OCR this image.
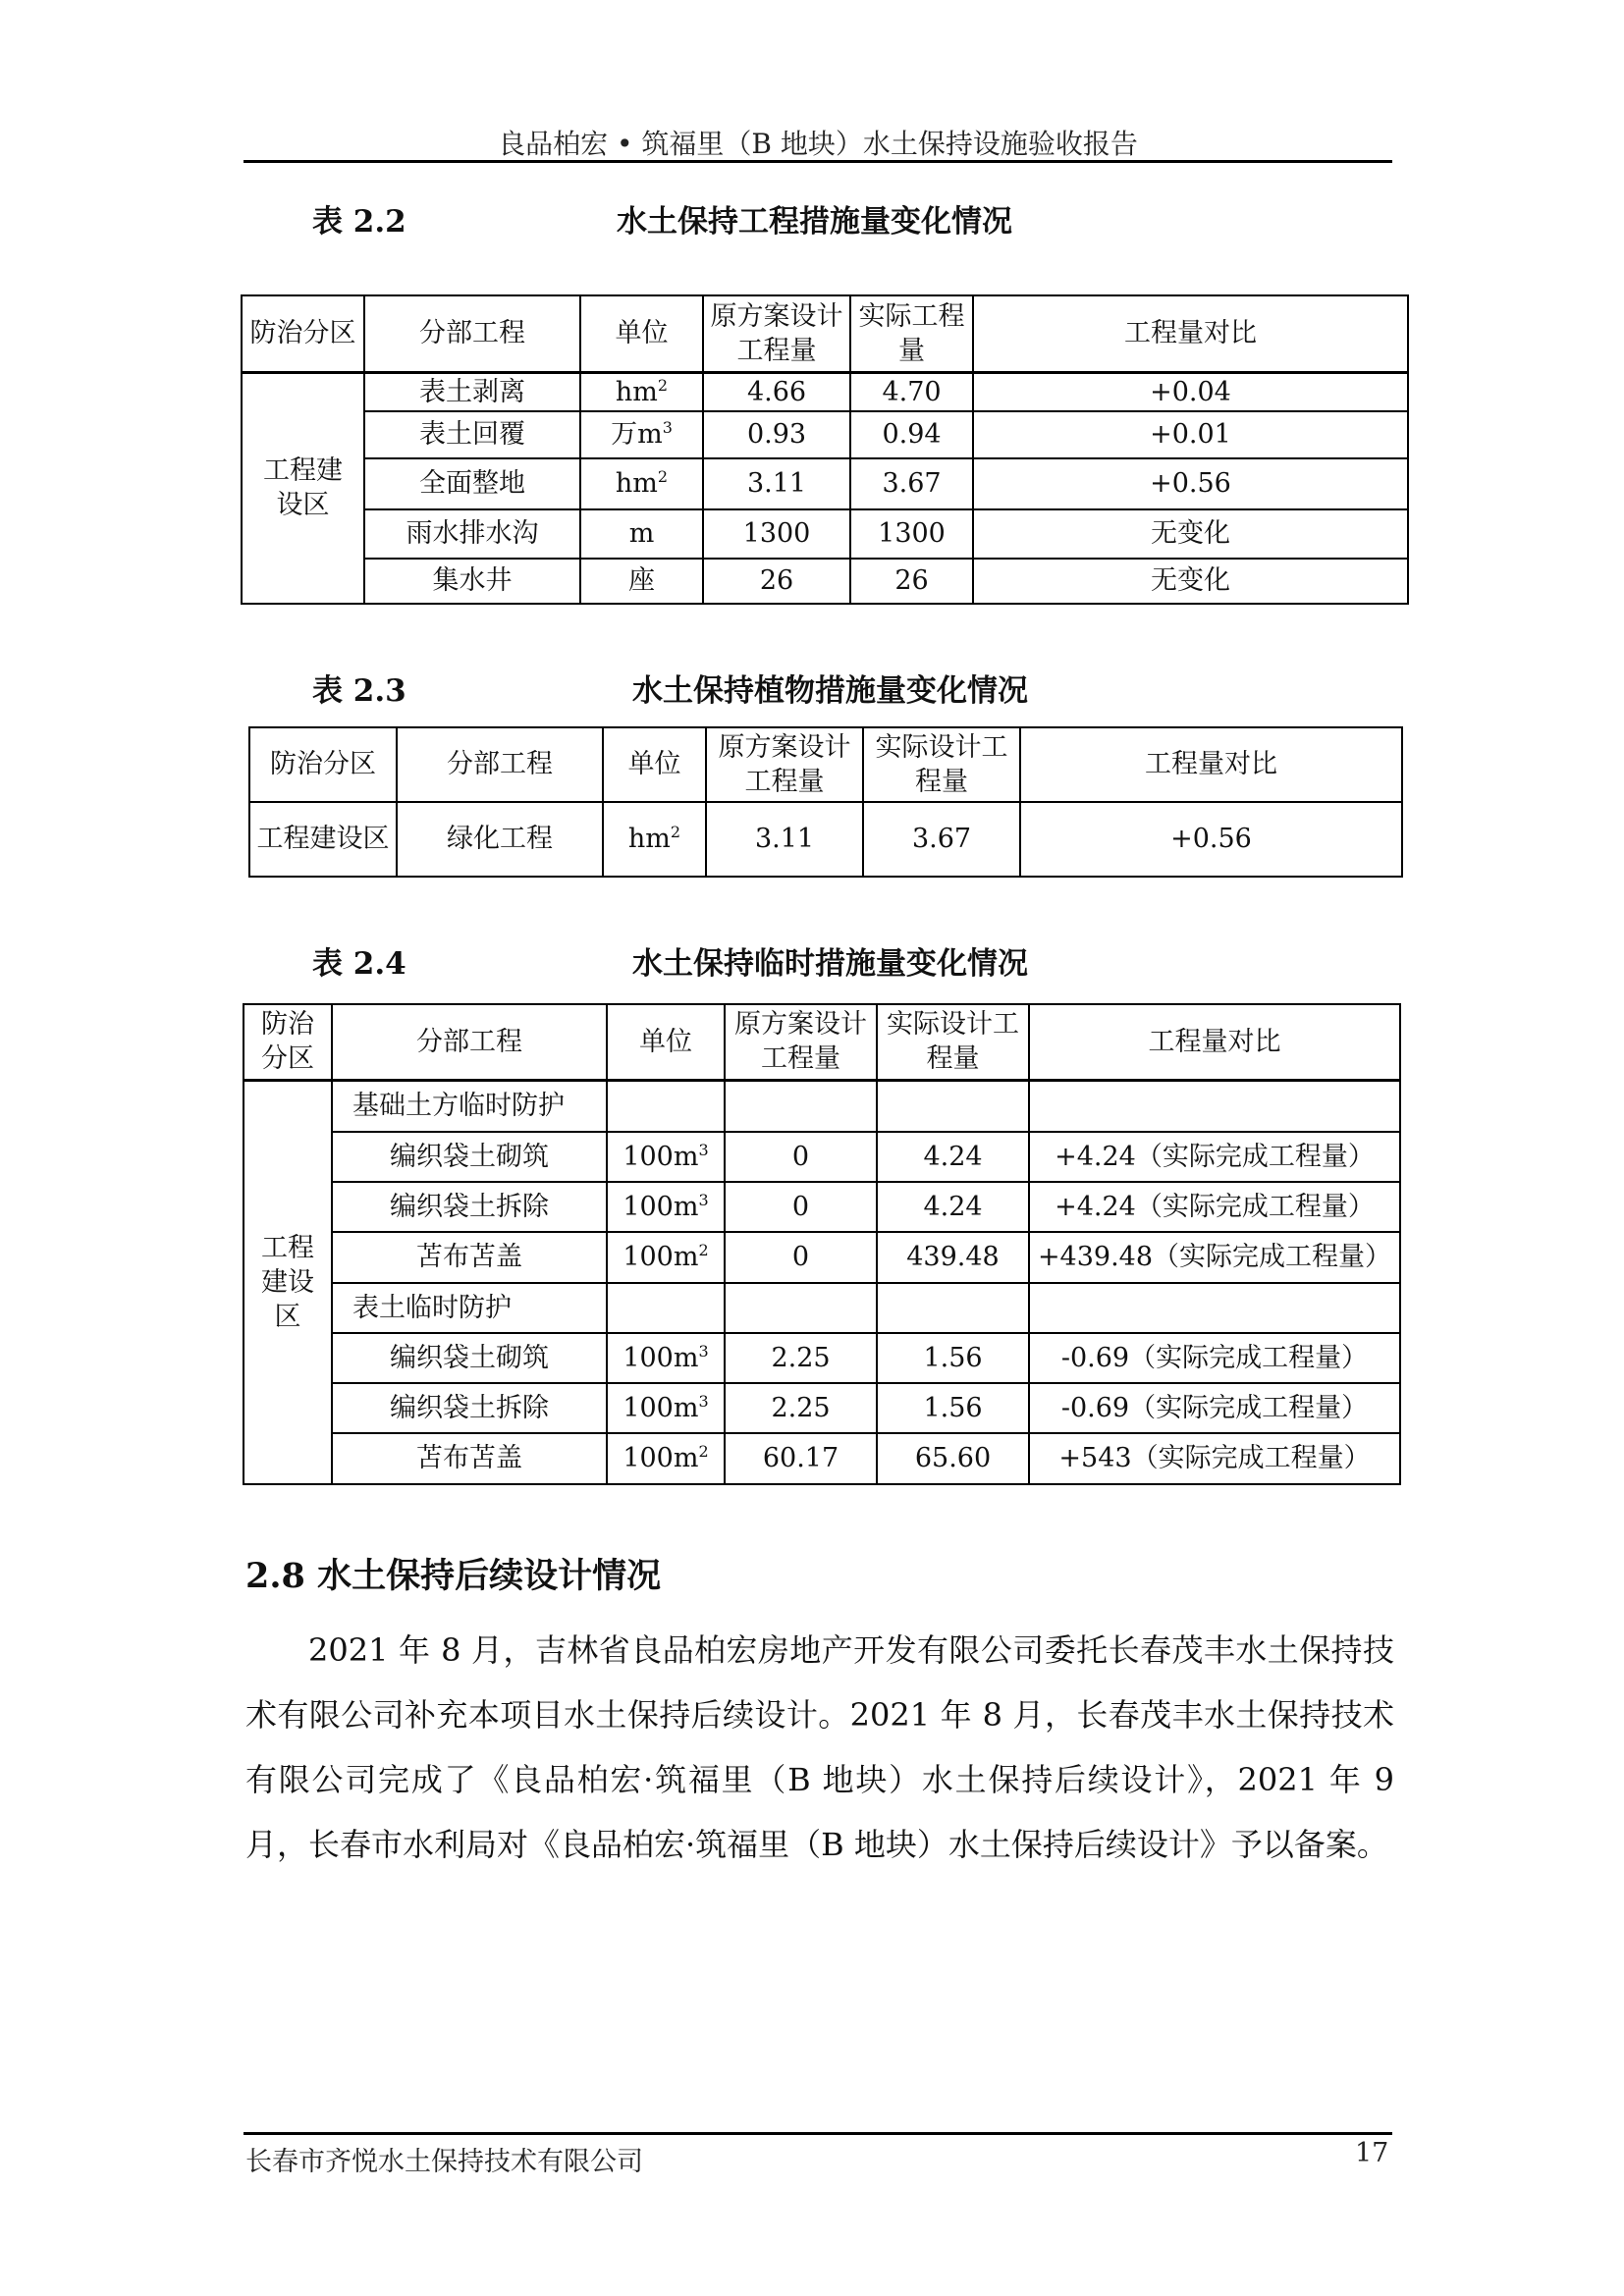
良品柏宏 • 筑福里（B 地块）水土保持设施验收报告
表 2.2	水土保持工程措施量变化情况
防治分区	分部工程	单位	原方案设计工程量	实际工程量	工程量对比
工程建设区	表土剥离	$hm^2$	4.66	4.70	+0.04
	表土回覆	万$m^3$	0.93	0.94	+0.01
	全面整地	$hm^2$	3.11	3.67	+0.56
	雨水排水沟	m	1300	1300	无变化
	集水井	座	26	26	无变化
表 2.3	水土保持植物措施量变化情况
防治分区	分部工程	单位	原方案设计工程量	实际设计工程量	工程量对比
工程建设区	绿化工程	$hm^2$	3.11	3.67	+0.56
表 2.4	水土保持临时措施量变化情况
防治分区	分部工程	单位	原方案设计工程量	实际设计工程量	工程量对比
工程建设区	基础土方临时防护				
	编织袋土砌筑	$100m^3$	0	4.24	+4.24（实际完成工程量）
	编织袋土拆除	$100m^3$	0	4.24	+4.24（实际完成工程量）
	苫布苫盖	$100m^2$	0	439.48	+439.48（实际完成工程量）
	表土临时防护				
	编织袋土砌筑	$100m^3$	2.25	1.56	-0.69（实际完成工程量）
	编织袋土拆除	$100m^3$	2.25	1.56	-0.69（实际完成工程量）
	苫布苫盖	$100m^2$	60.17	65.60	+543（实际完成工程量）
2.8 水土保持后续设计情况
2021 年 8 月，吉林省良品柏宏房地产开发有限公司委托长春茂丰水土保持技术有限公司补充本项目水土保持后续设计。2021 年 8 月，长春茂丰水土保持技术有限公司完成了《良品柏宏·筑福里（B 地块）水土保持后续设计》，2021 年 9 月，长春市水利局对《良品柏宏·筑福里（B 地块）水土保持后续设计》予以备案。
长春市齐悦水土保持技术有限公司	17
